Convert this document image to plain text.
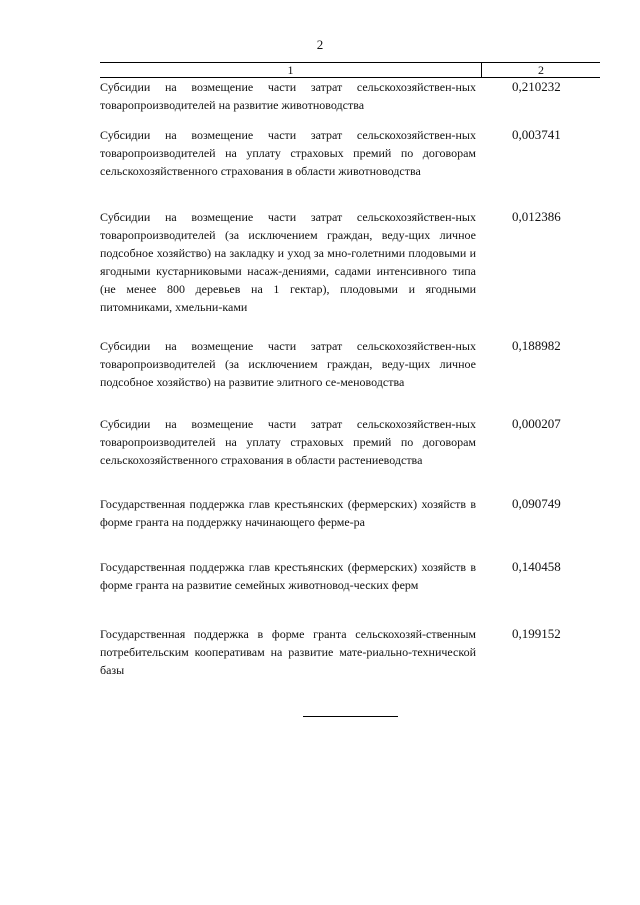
2
1	2
Субсидии на возмещение части затрат сельскохозяйствен-ных товаропроизводителей на развитие животноводства
0,210232
Субсидии на возмещение части затрат сельскохозяйствен-ных товаропроизводителей на уплату страховых премий по договорам сельскохозяйственного страхования в области животноводства
0,003741
Субсидии на возмещение части затрат сельскохозяйствен-ных товаропроизводителей (за исключением граждан, веду-щих личное подсобное хозяйство) на закладку и уход за мно-голетними плодовыми и ягодными кустарниковыми насаж-дениями, садами интенсивного типа (не менее 800 деревьев на 1 гектар), плодовыми и ягодными питомниками, хмельни-ками
0,012386
Субсидии на возмещение части затрат сельскохозяйствен-ных товаропроизводителей (за исключением граждан, веду-щих личное подсобное хозяйство) на развитие элитного се-меноводства
0,188982
Субсидии на возмещение части затрат сельскохозяйствен-ных товаропроизводителей на уплату страховых премий по договорам сельскохозяйственного страхования в области растениеводства
0,000207
Государственная поддержка глав крестьянских (фермерских) хозяйств в форме гранта на поддержку начинающего ферме-ра
0,090749
Государственная поддержка глав крестьянских (фермерских) хозяйств в форме гранта на развитие семейных животновод-ческих ферм
0,140458
Государственная поддержка в форме гранта сельскохозяй-ственным потребительским кооперативам на развитие мате-риально-технической базы
0,199152
